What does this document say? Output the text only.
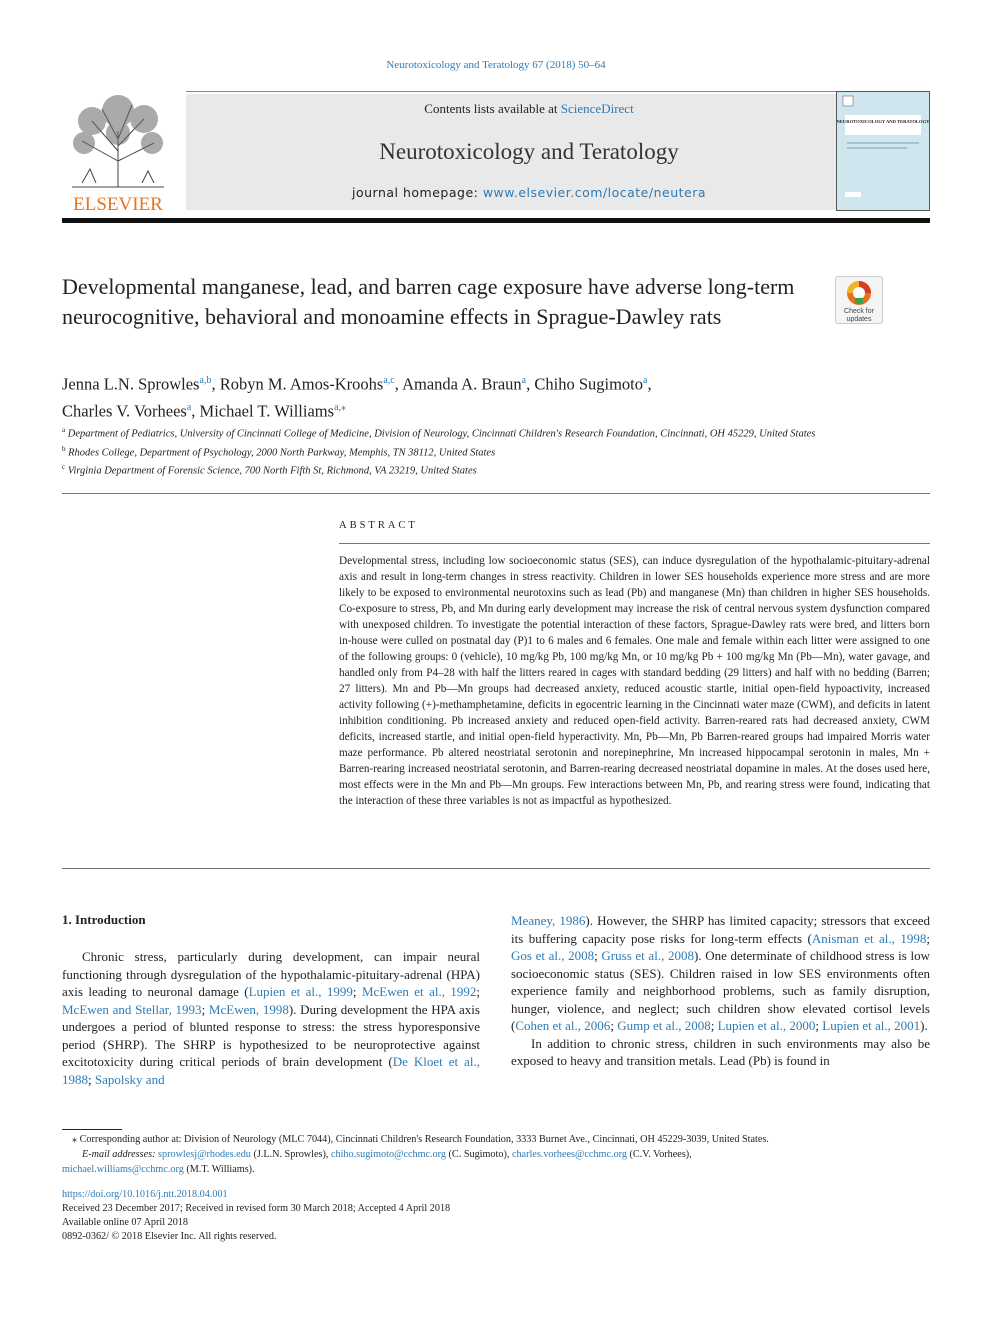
Neurotoxicology and Teratology 67 (2018) 50–64
ELSEVIER
Contents lists available at ScienceDirect
Neurotoxicology and Teratology
journal homepage: www.elsevier.com/locate/neutera
NEUROTOXICOLOGY AND TERATOLOGY
Developmental manganese, lead, and barren cage exposure have adverse long-term neurocognitive, behavioral and monoamine effects in Sprague-Dawley rats	Check for updates
Jenna L.N. Sprowles$^{a,b}$, Robyn M. Amos-Kroohs$^{a,c}$, Amanda A. Braun$^a$, Chiho Sugimoto$^a$,
Charles V. Vorhees$^a$, Michael T. Williams$^{a,⁎}$
$^a$ Department of Pediatrics, University of Cincinnati College of Medicine, Division of Neurology, Cincinnati Children's Research Foundation, Cincinnati, OH 45229, United States
$^b$ Rhodes College, Department of Psychology, 2000 North Parkway, Memphis, TN 38112, United States
$^c$ Virginia Department of Forensic Science, 700 North Fifth St, Richmond, VA 23219, United States
ABSTRACT
Developmental stress, including low socioeconomic status (SES), can induce dysregulation of the hypothalamic-pituitary-adrenal axis and result in long-term changes in stress reactivity. Children in lower SES households experience more stress and are more likely to be exposed to environmental neurotoxins such as lead (Pb) and manganese (Mn) than children in higher SES households. Co-exposure to stress, Pb, and Mn during early development may increase the risk of central nervous system dysfunction compared with unexposed children. To investigate the potential interaction of these factors, Sprague-Dawley rats were bred, and litters born in-house were culled on postnatal day (P)1 to 6 males and 6 females. One male and female within each litter were assigned to one of the following groups: 0 (vehicle), 10 mg/kg Pb, 100 mg/kg Mn, or 10 mg/kg Pb + 100 mg/kg Mn (Pb—Mn), water gavage, and handled only from P4–28 with half the litters reared in cages with standard bedding (29 litters) and half with no bedding (Barren; 27 litters). Mn and Pb—Mn groups had decreased anxiety, reduced acoustic startle, initial open-field hypoactivity, increased activity following (+)-methamphetamine, deficits in egocentric learning in the Cincinnati water maze (CWM), and deficits in latent inhibition conditioning. Pb increased anxiety and reduced open-field activity. Barren-reared rats had decreased anxiety, CWM deficits, increased startle, and initial open-field hyperactivity. Mn, Pb—Mn, Pb Barren-reared groups had impaired Morris water maze performance. Pb altered neostriatal serotonin and norepinephrine, Mn increased hippocampal serotonin in males, Mn + Barren-rearing increased neostriatal serotonin, and Barren-rearing decreased neostriatal dopamine in males. At the doses used here, most effects were in the Mn and Pb—Mn groups. Few interactions between Mn, Pb, and rearing stress were found, indicating that the interaction of these three variables is not as impactful as hypothesized.
1. Introduction

Chronic stress, particularly during development, can impair neural functioning through dysregulation of the hypothalamic-pituitary-adrenal (HPA) axis leading to neuronal damage (Lupien et al., 1999; McEwen et al., 1992; McEwen and Stellar, 1993; McEwen, 1998). During development the HPA axis undergoes a period of blunted response to stress: the stress hyporesponsive period (SHRP). The SHRP is hypothesized to be neuroprotective against excitotoxicity during critical periods of brain development (De Kloet et al., 1988; Sapolsky and

Meaney, 1986). However, the SHRP has limited capacity; stressors that exceed its buffering capacity pose risks for long-term effects (Anisman et al., 1998; Gos et al., 2008; Gruss et al., 2008). One determinate of childhood stress is low socioeconomic status (SES). Children raised in low SES environments often experience family and neighborhood problems, such as family disruption, hunger, violence, and neglect; such children show elevated cortisol levels (Cohen et al., 2006; Gump et al., 2008; Lupien et al., 2000; Lupien et al., 2001).

In addition to chronic stress, children in such environments may also be exposed to heavy and transition metals. Lead (Pb) is found in

⁎ Corresponding author at: Division of Neurology (MLC 7044), Cincinnati Children's Research Foundation, 3333 Burnet Ave., Cincinnati, OH 45229-3039, United States.
E-mail addresses: sprowlesj@rhodes.edu (J.L.N. Sprowles), chiho.sugimoto@cchmc.org (C. Sugimoto), charles.vorhees@cchmc.org (C.V. Vorhees),
michael.williams@cchmc.org (M.T. Williams).
https://doi.org/10.1016/j.ntt.2018.04.001
Received 23 December 2017; Received in revised form 30 March 2018; Accepted 4 April 2018
Available online 07 April 2018
0892-0362/ © 2018 Elsevier Inc. All rights reserved.
